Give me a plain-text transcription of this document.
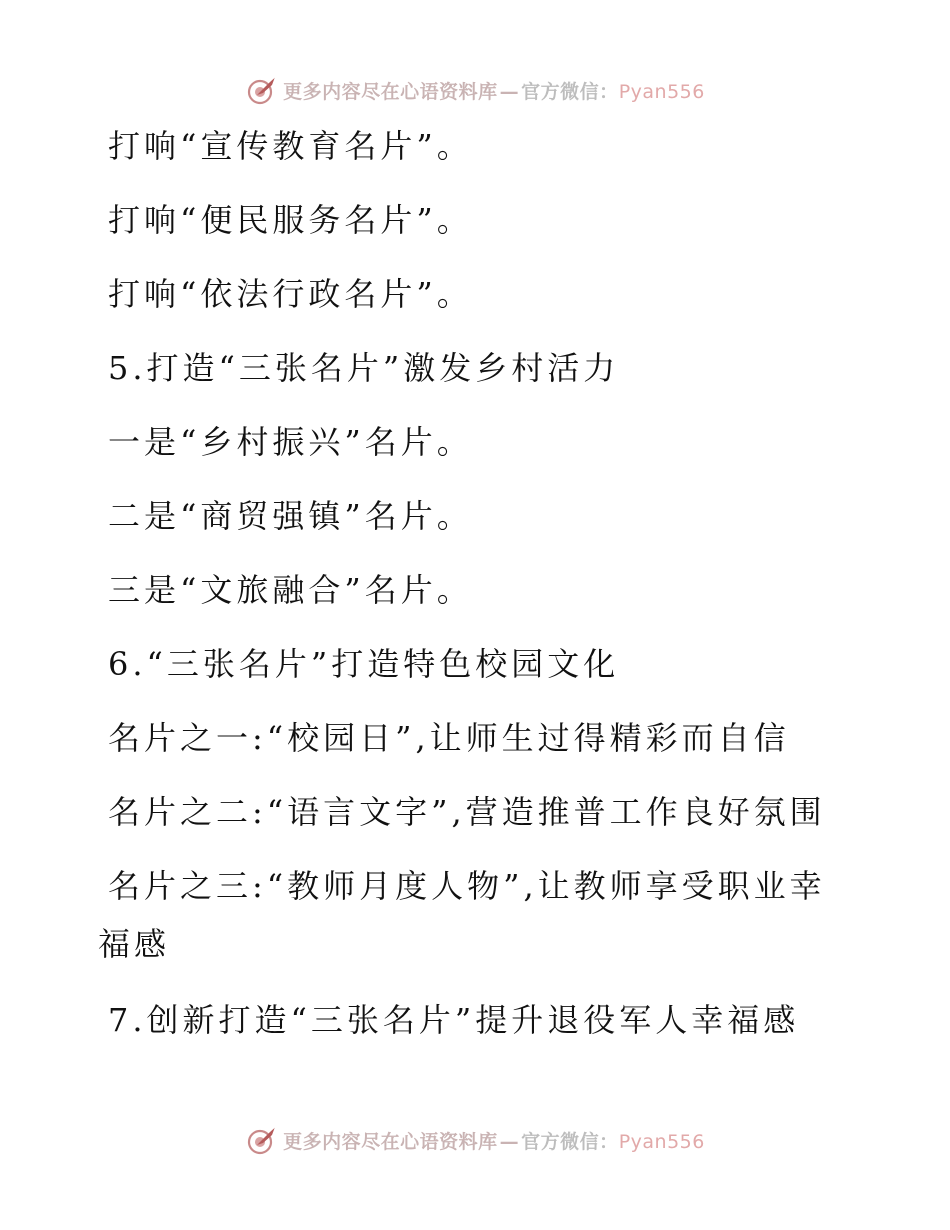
更多内容尽在心语资料库 — 官方微信：Pyan556
打响“宣传教育名片”。
打响“便民服务名片”。
打响“依法行政名片”。
5.打造“三张名片”激发乡村活力
一是“乡村振兴”名片。
二是“商贸强镇”名片。
三是“文旅融合”名片。
6.“三张名片”打造特色校园文化
名片之一:“校园日”,让师生过得精彩而自信
名片之二:“语言文字”,营造推普工作良好氛围
名片之三:“教师月度人物”,让教师享受职业幸
福感
7.创新打造“三张名片”提升退役军人幸福感
更多内容尽在心语资料库 — 官方微信：Pyan556
